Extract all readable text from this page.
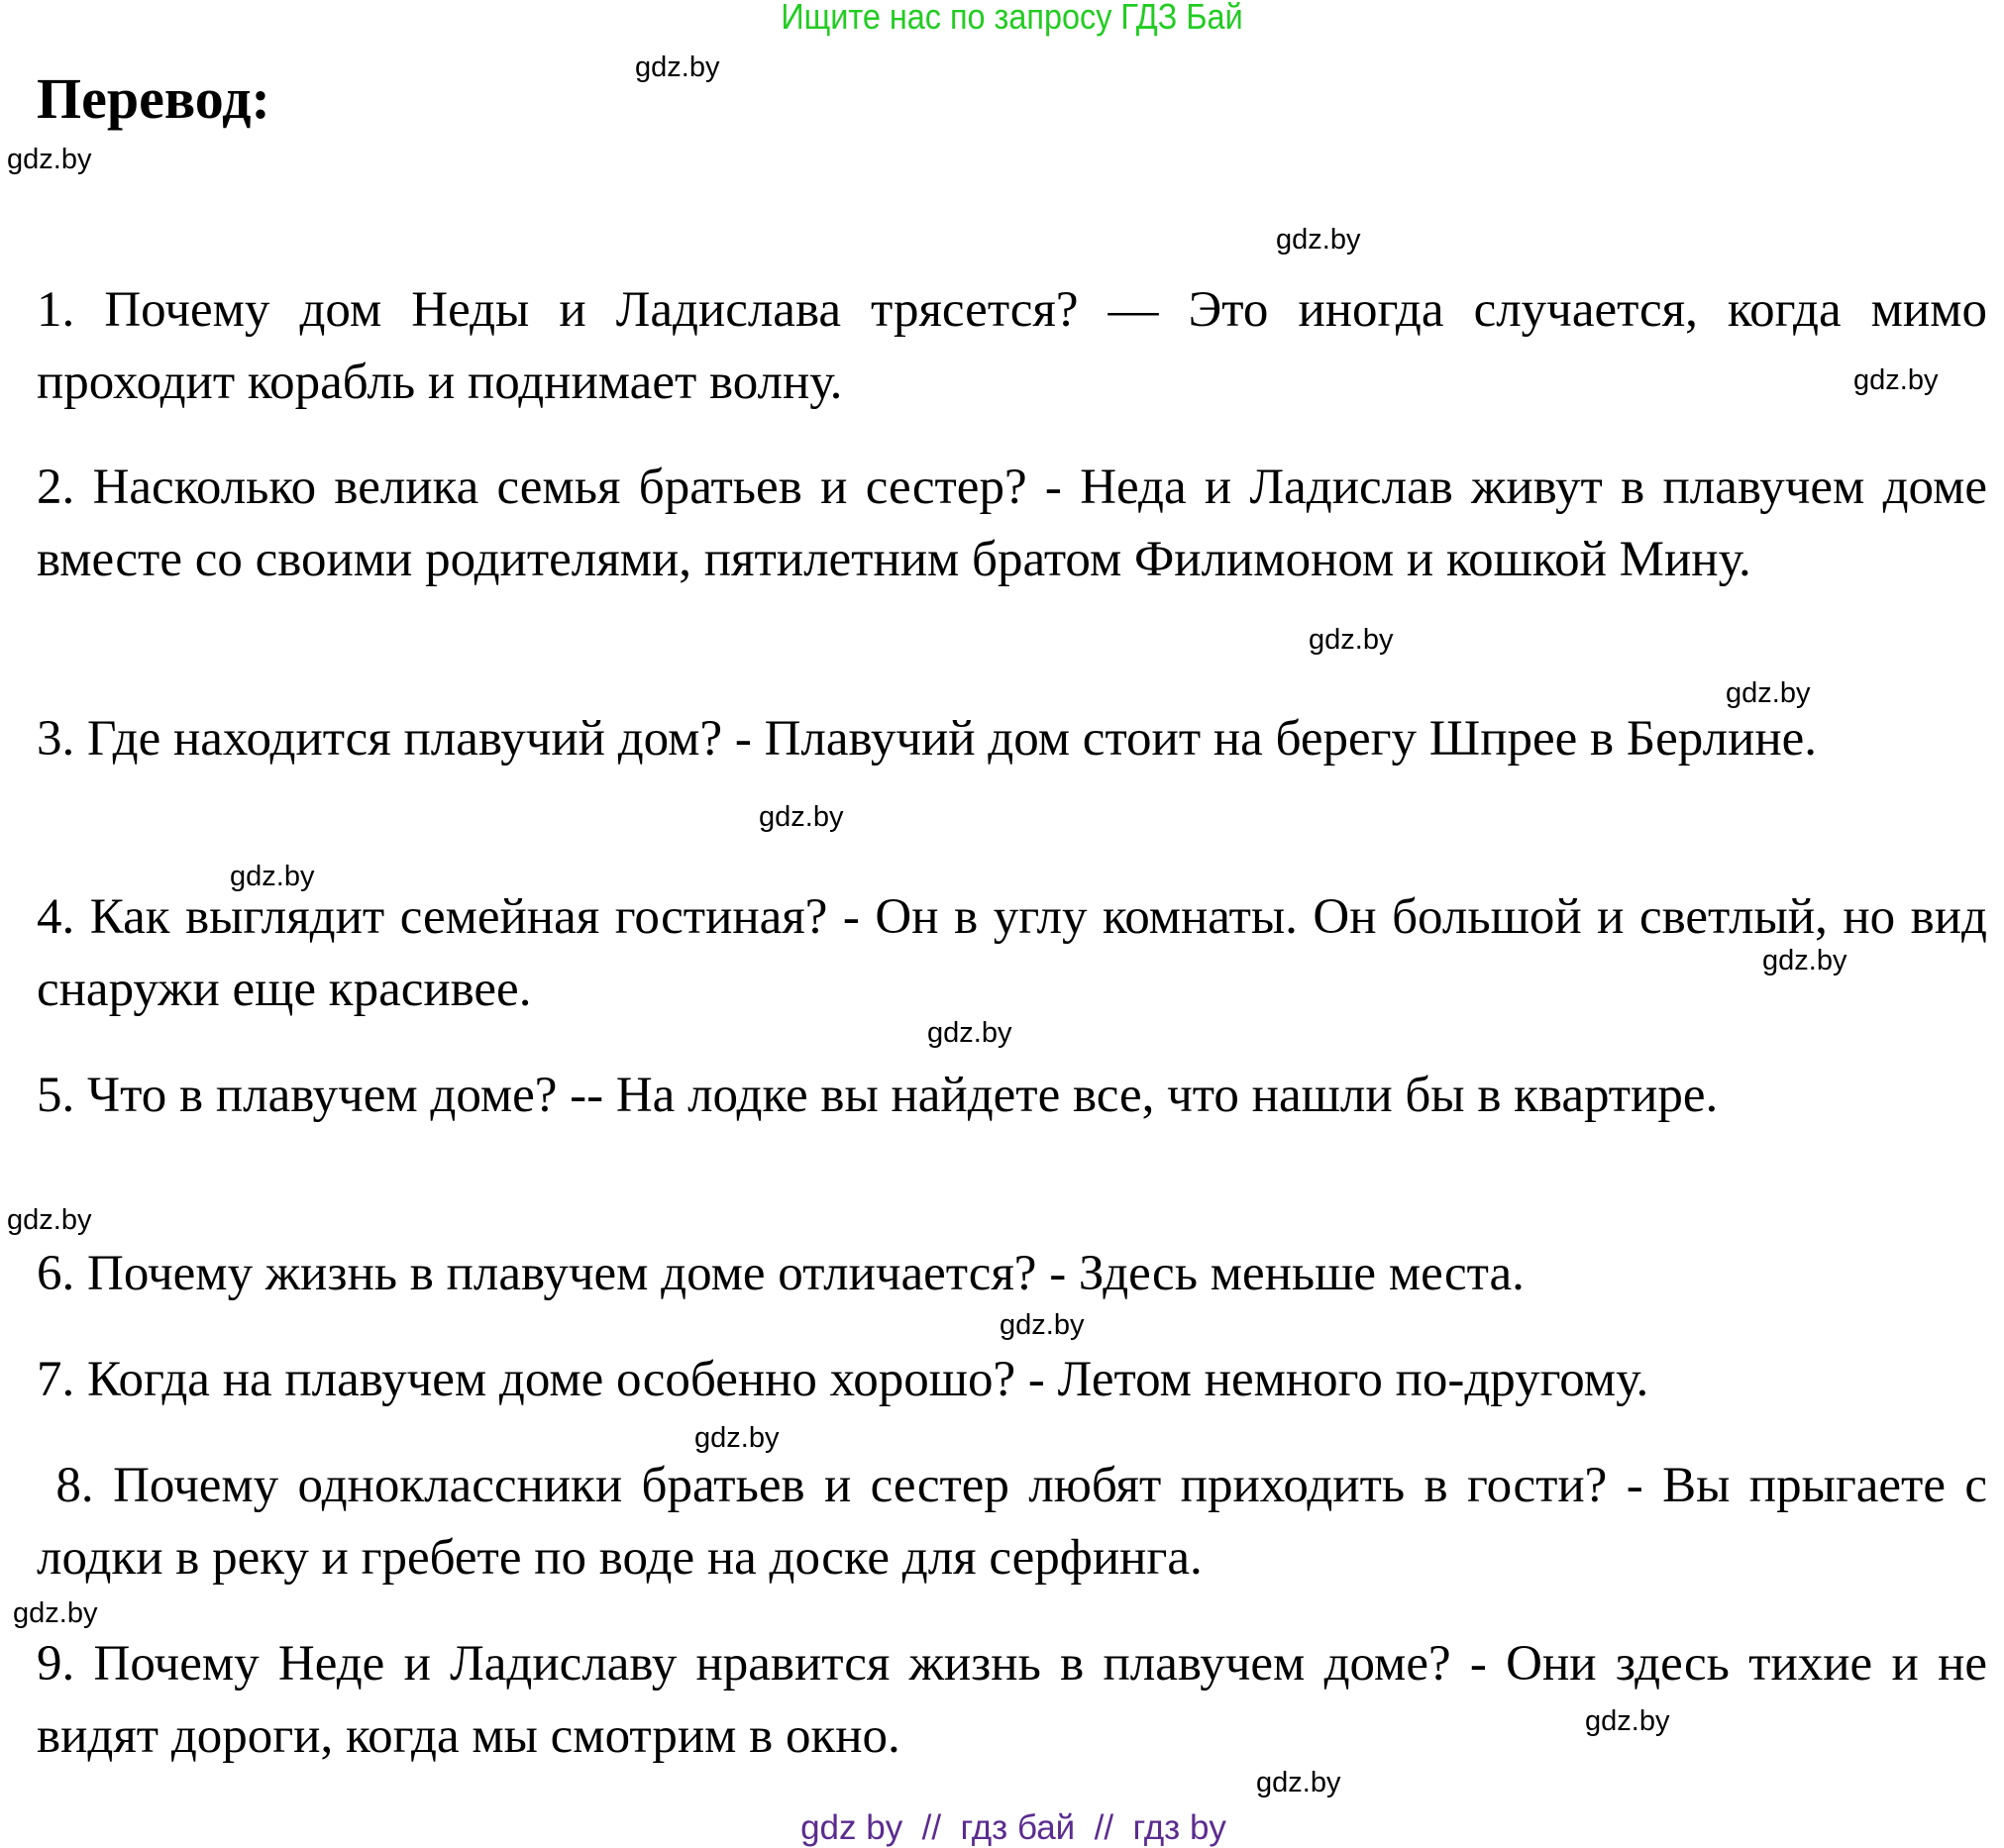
Ищите нас по запросу ГДЗ Бай
Перевод:
1. Почему дом Неды и Ладислава трясется? — Это иногда случается, когда мимо проходит корабль и поднимает волну.
2. Насколько велика семья братьев и сестер? - Неда и Ладислав живут в плавучем доме вместе со своими родителями, пятилетним братом Филимоном и кошкой Мину.
3. Где находится плавучий дом? - Плавучий дом стоит на берегу Шпрее в Берлине.
4. Как выглядит семейная гостиная? - Он в углу комнаты. Он большой и светлый, но вид снаружи еще красивее.
5. Что в плавучем доме? -- На лодке вы найдете все, что нашли бы в квартире.
6. Почему жизнь в плавучем доме отличается? - Здесь меньше места.
7. Когда на плавучем доме особенно хорошо? - Летом немного по-другому.
8. Почему одноклассники братьев и сестер любят приходить в гости? - Вы прыгаете с лодки в реку и гребете по воде на доске для серфинга.
9. Почему Неде и Ладиславу нравится жизнь в плавучем доме? - Они здесь тихие и не видят дороги, когда мы смотрим в окно.
gdz.by
gdz.by
gdz.by
gdz.by
gdz.by
gdz.by
gdz.by
gdz.by
gdz.by
gdz.by
gdz.by
gdz.by
gdz.by
gdz.by
gdz.by
gdz.by
gdz by  //  гдз бай  //  гдз by
